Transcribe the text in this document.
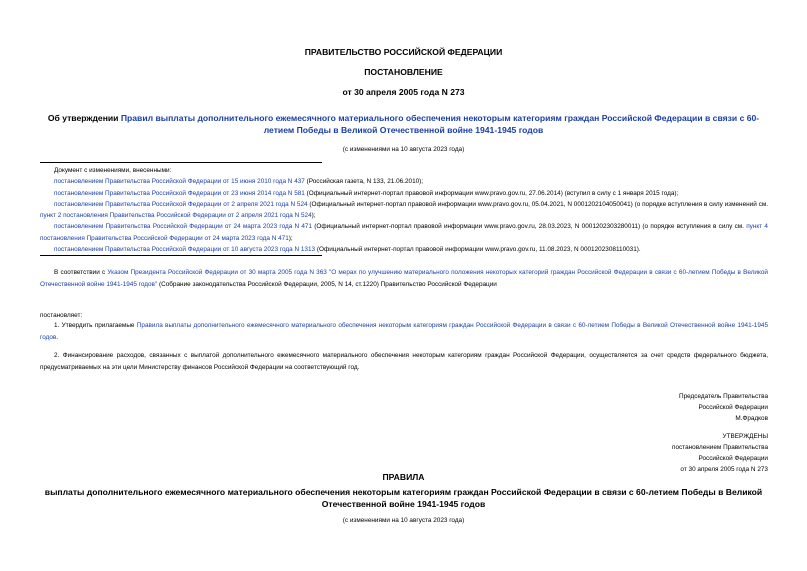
ПРАВИТЕЛЬСТВО РОССИЙСКОЙ ФЕДЕРАЦИИ
ПОСТАНОВЛЕНИЕ
от 30 апреля 2005 года N 273
Об утверждении Правил выплаты дополнительного ежемесячного материального обеспечения некоторым категориям граждан Российской Федерации в связи с 60-летием Победы в Великой Отечественной войне 1941-1945 годов
(с изменениями на 10 августа 2023 года)
Документ с изменениями, внесенными:
постановлением Правительства Российской Федерации от 15 июня 2010 года N 437 (Российская газета, N 133, 21.06.2010);
постановлением Правительства Российской Федерации от 23 июня 2014 года N 581 (Официальный интернет-портал правовой информации www.pravo.gov.ru, 27.06.2014) (вступил в силу с 1 января 2015 года);
постановлением Правительства Российской Федерации от 2 апреля 2021 года N 524 (Официальный интернет-портал правовой информации www.pravo.gov.ru, 05.04.2021, N 0001202104050041) (о порядке вступления в силу изменений см. пункт 2 постановления Правительства Российской Федерации от 2 апреля 2021 года N 524);
постановлением Правительства Российской Федерации от 24 марта 2023 года N 471 (Официальный интернет-портал правовой информации www.pravo.gov.ru, 28.03.2023, N 0001202303280011) (о порядке вступления в силу см. пункт 4 постановления Правительства Российской Федерации от 24 марта 2023 года N 471);
постановлением Правительства Российской Федерации от 10 августа 2023 года N 1313 (Официальный интернет-портал правовой информации www.pravo.gov.ru, 11.08.2023, N 0001202308110031).
В соответствии с Указом Президента Российской Федерации от 30 марта 2005 года N 363 "О мерах по улучшению материального положения некоторых категорий граждан Российской Федерации в связи с 60-летием Победы в Великой Отечественной войне 1941-1945 годов" (Собрание законодательства Российской Федерации, 2005, N 14, ст.1220) Правительство Российской Федерации
постановляет:
1. Утвердить прилагаемые Правила выплаты дополнительного ежемесячного материального обеспечения некоторым категориям граждан Российской Федерации в связи с 60-летием Победы в Великой Отечественной войне 1941-1945 годов.
2. Финансирование расходов, связанных с выплатой дополнительного ежемесячного материального обеспечения некоторым категориям граждан Российской Федерации, осуществляется за счет средств федерального бюджета, предусматриваемых на эти цели Министерству финансов Российской Федерации на соответствующий год.
Председатель Правительства
Российской Федерации
М.Фрадков
УТВЕРЖДЕНЫ
постановлением Правительства
Российской Федерации
от 30 апреля 2005 года N 273
ПРАВИЛА
выплаты дополнительного ежемесячного материального обеспечения некоторым категориям граждан Российской Федерации в связи с 60-летием Победы в Великой Отечественной войне 1941-1945 годов
(с изменениями на 10 августа 2023 года)
